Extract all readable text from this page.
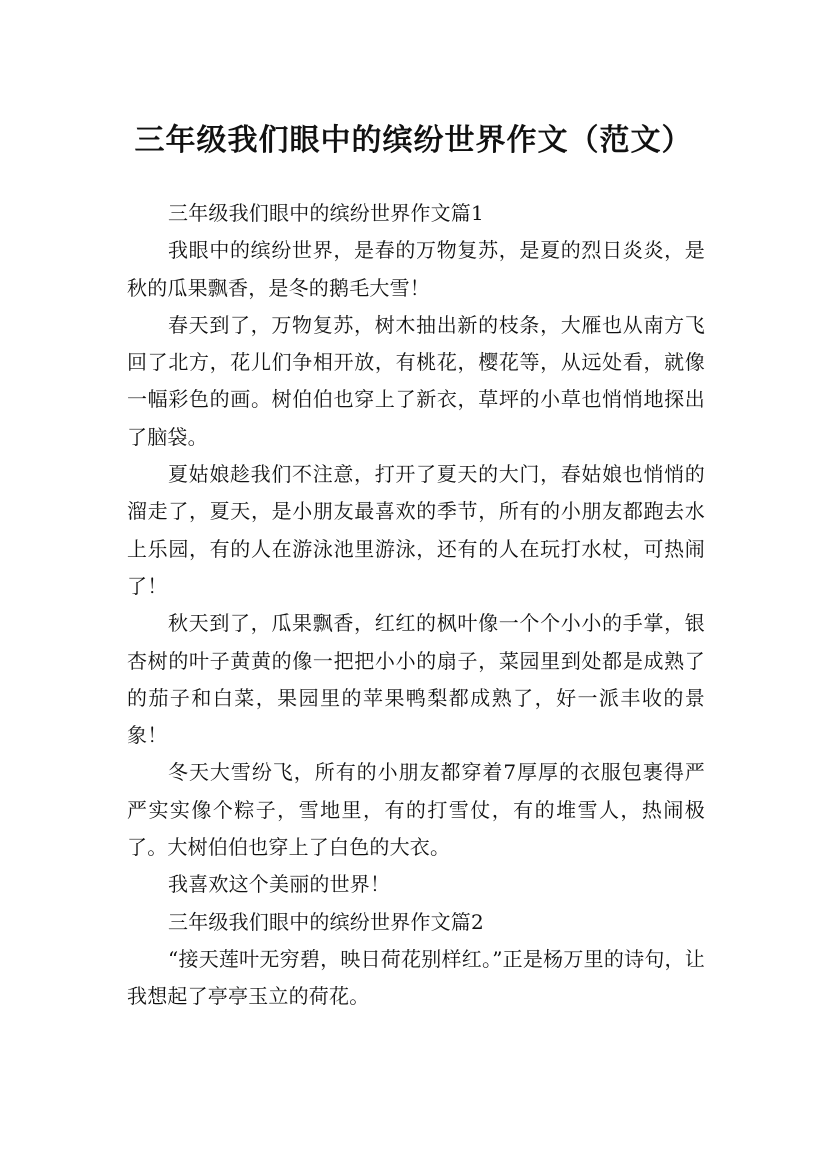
三年级我们眼中的缤纷世界作文（范文）

三年级我们眼中的缤纷世界作文篇1

我眼中的缤纷世界，是春的万物复苏，是夏的烈日炎炎，是秋的瓜果飘香，是冬的鹅毛大雪！

春天到了，万物复苏，树木抽出新的枝条，大雁也从南方飞回了北方，花儿们争相开放，有桃花，樱花等，从远处看，就像一幅彩色的画。树伯伯也穿上了新衣，草坪的小草也悄悄地探出了脑袋。

夏姑娘趁我们不注意，打开了夏天的大门，春姑娘也悄悄的溜走了，夏天，是小朋友最喜欢的季节，所有的小朋友都跑去水上乐园，有的人在游泳池里游泳，还有的人在玩打水杖，可热闹了！

秋天到了，瓜果飘香，红红的枫叶像一个个小小的手掌，银杏树的叶子黄黄的像一把把小小的扇子，菜园里到处都是成熟了的茄子和白菜，果园里的苹果鸭梨都成熟了，好一派丰收的景象！

冬天大雪纷飞，所有的小朋友都穿着7厚厚的衣服包裹得严严实实像个粽子，雪地里，有的打雪仗，有的堆雪人，热闹极了。大树伯伯也穿上了白色的大衣。

我喜欢这个美丽的世界！

三年级我们眼中的缤纷世界作文篇2

“接天莲叶无穷碧，映日荷花别样红。”正是杨万里的诗句，让我想起了亭亭玉立的荷花。
